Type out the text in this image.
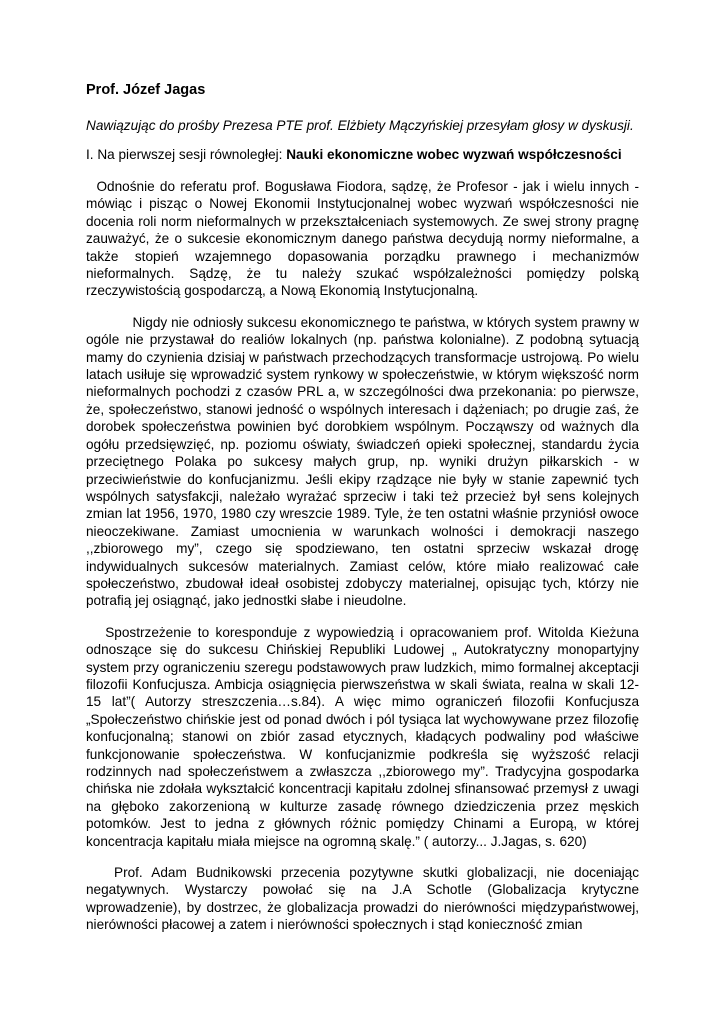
Prof. Józef Jagas
Nawiązując do prośby Prezesa PTE prof. Elżbiety Mączyńskiej przesyłam głosy w dyskusji.
I. Na pierwszej sesji równoległej: Nauki ekonomiczne wobec wyzwań współczesności

Odnośnie do referatu prof. Bogusława Fiodora, sądzę, że Profesor - jak i wielu innych - mówiąc i pisząc o Nowej Ekonomii Instytucjonalnej wobec wyzwań współczesności nie docenia roli norm nieformalnych w przekształceniach systemowych. Ze swej strony pragnę zauważyć, że o sukcesie ekonomicznym danego państwa decydują normy nieformalne, a także stopień wzajemnego dopasowania porządku prawnego i mechanizmów nieformalnych. Sądzę, że tu należy szukać współzależności pomiędzy polską rzeczywistością gospodarczą, a Nową Ekonomią Instytucjonalną.

Nigdy nie odniosły sukcesu ekonomicznego te państwa, w których system prawny w ogóle nie przystawał do realiów lokalnych (np. państwa kolonialne). Z podobną sytuacją mamy do czynienia dzisiaj w państwach przechodzących transformacje ustrojową. Po wielu latach usiłuje się wprowadzić system rynkowy w społeczeństwie, w którym większość norm nieformalnych pochodzi z czasów PRL a, w szczególności dwa przekonania: po pierwsze, że, społeczeństwo, stanowi jedność o wspólnych interesach i dążeniach; po drugie zaś, że dorobek społeczeństwa powinien być dorobkiem wspólnym. Począwszy od ważnych dla ogółu przedsięwzięć, np. poziomu oświaty, świadczeń opieki społecznej, standardu życia przeciętnego Polaka po sukcesy małych grup, np. wyniki drużyn piłkarskich - w przeciwieństwie do konfucjanizmu. Jeśli ekipy rządzące nie były w stanie zapewnić tych wspólnych satysfakcji, należało wyrażać sprzeciw i taki też przecież był sens kolejnych zmian lat 1956, 1970, 1980 czy wreszcie 1989. Tyle, że ten ostatni właśnie przyniósł owoce nieoczekiwane. Zamiast umocnienia w warunkach wolności i demokracji naszego ,,zbiorowego my”, czego się spodziewano, ten ostatni sprzeciw wskazał drogę indywidualnych sukcesów materialnych. Zamiast celów, które miało realizować całe społeczeństwo, zbudował ideał osobistej zdobyczy materialnej, opisując tych, którzy nie potrafią jej osiągnąć, jako jednostki słabe i nieudolne.

Spostrzeżenie to koresponduje z wypowiedzią i opracowaniem prof. Witolda Kieżuna odnoszące się do sukcesu Chińskiej Republiki Ludowej „ Autokratyczny monopartyjny system przy ograniczeniu szeregu podstawowych praw ludzkich, mimo formalnej akceptacji filozofii Konfucjusza. Ambicja osiągnięcia pierwszeństwa w skali świata, realna w skali 12-15 lat”( Autorzy streszczenia…s.84). A więc mimo ograniczeń filozofii Konfucjusza „Społeczeństwo chińskie jest od ponad dwóch i pól tysiąca lat wychowywane przez filozofię konfucjonalną; stanowi on zbiór zasad etycznych, kładących podwaliny pod właściwe funkcjonowanie społeczeństwa. W konfucjanizmie podkreśla się wyższość relacji rodzinnych nad społeczeństwem a zwłaszcza ,,zbiorowego my”. Tradycyjna gospodarka chińska nie zdołała wykształcić koncentracji kapitału zdolnej sfinansować przemysł z uwagi na głęboko zakorzenioną w kulturze zasadę równego dziedziczenia przez męskich potomków. Jest to jedna z głównych różnic pomiędzy Chinami a Europą, w której koncentracja kapitału miała miejsce na ogromną skalę.” ( autorzy... J.Jagas, s. 620)

Prof. Adam Budnikowski przecenia pozytywne skutki globalizacji, nie doceniając negatywnych. Wystarczy powołać się na J.A Schotle (Globalizacja krytyczne wprowadzenie), by dostrzec, że globalizacja prowadzi do nierówności międzypaństwowej, nierówności płacowej a zatem i nierówności społecznych i stąd konieczność zmian
